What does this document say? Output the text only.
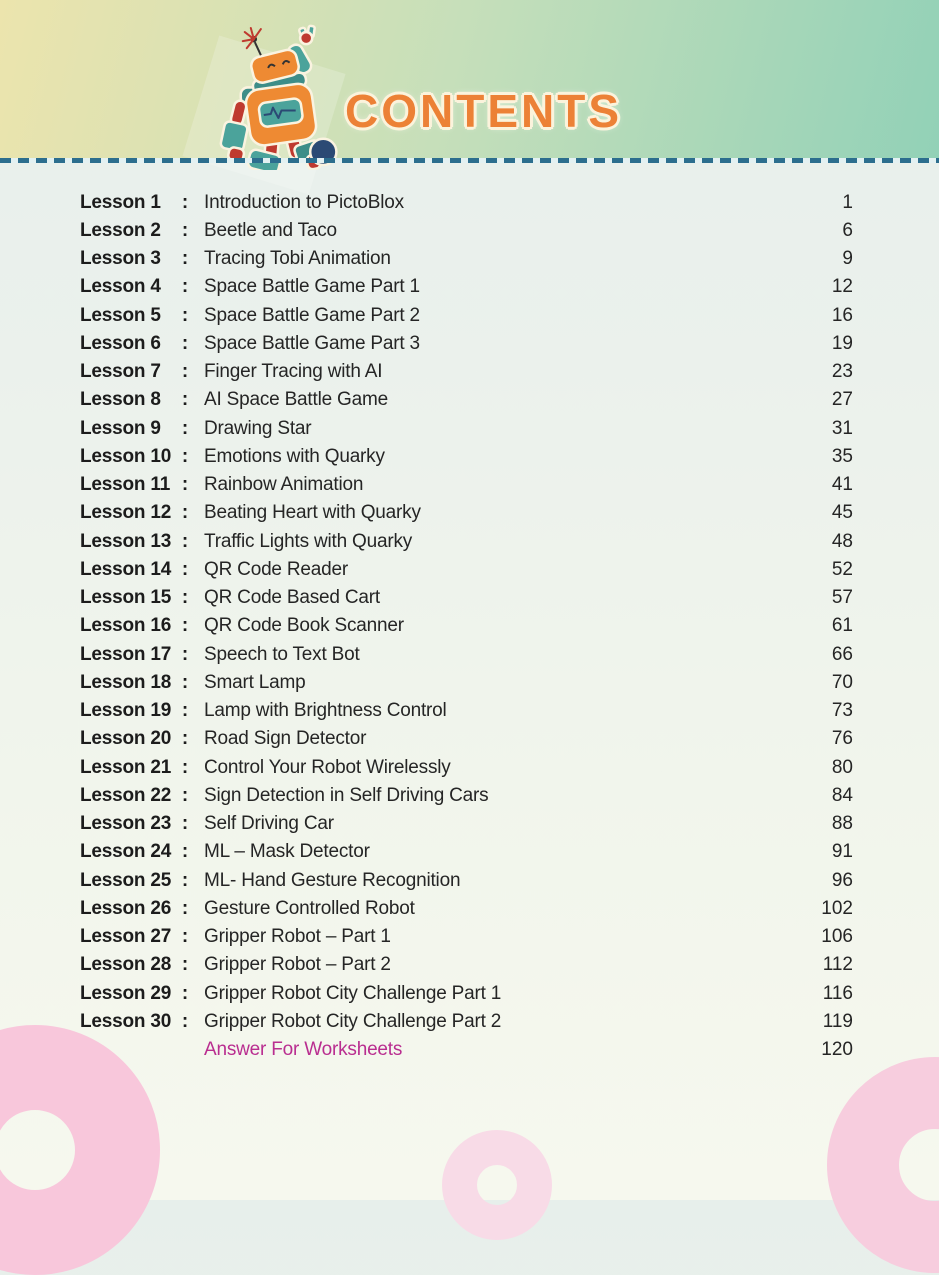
CONTENTS
Lesson 1	: Introduction to PictoBlox	1
Lesson 2	: Beetle and Taco	6
Lesson 3	: Tracing Tobi Animation	9
Lesson 4	: Space Battle Game Part 1	12
Lesson 5	: Space Battle Game Part 2	16
Lesson 6	: Space Battle Game Part 3	19
Lesson 7	: Finger Tracing with AI	23
Lesson 8	: AI Space Battle Game	27
Lesson 9	: Drawing Star	31
Lesson 10 : Emotions with Quarky	35
Lesson 11 : Rainbow Animation	41
Lesson 12 : Beating Heart with Quarky	45
Lesson 13 : Traffic Lights with Quarky	48
Lesson 14 : QR Code Reader	52
Lesson 15 : QR Code Based Cart	57
Lesson 16 : QR Code Book Scanner	61
Lesson 17 : Speech to Text Bot	66
Lesson 18 : Smart Lamp	70
Lesson 19 : Lamp with Brightness Control	73
Lesson 20 : Road Sign Detector	76
Lesson 21 : Control Your Robot Wirelessly	80
Lesson 22 : Sign Detection in Self Driving Cars	84
Lesson 23 : Self Driving Car	88
Lesson 24 : ML – Mask Detector	91
Lesson 25 : ML- Hand Gesture Recognition	96
Lesson 26 : Gesture Controlled Robot	102
Lesson 27 : Gripper Robot – Part 1	106
Lesson 28 : Gripper Robot – Part 2	112
Lesson 29 : Gripper Robot City Challenge Part 1	116
Lesson 30 : Gripper Robot City Challenge Part 2	119
Answer For Worksheets	120
